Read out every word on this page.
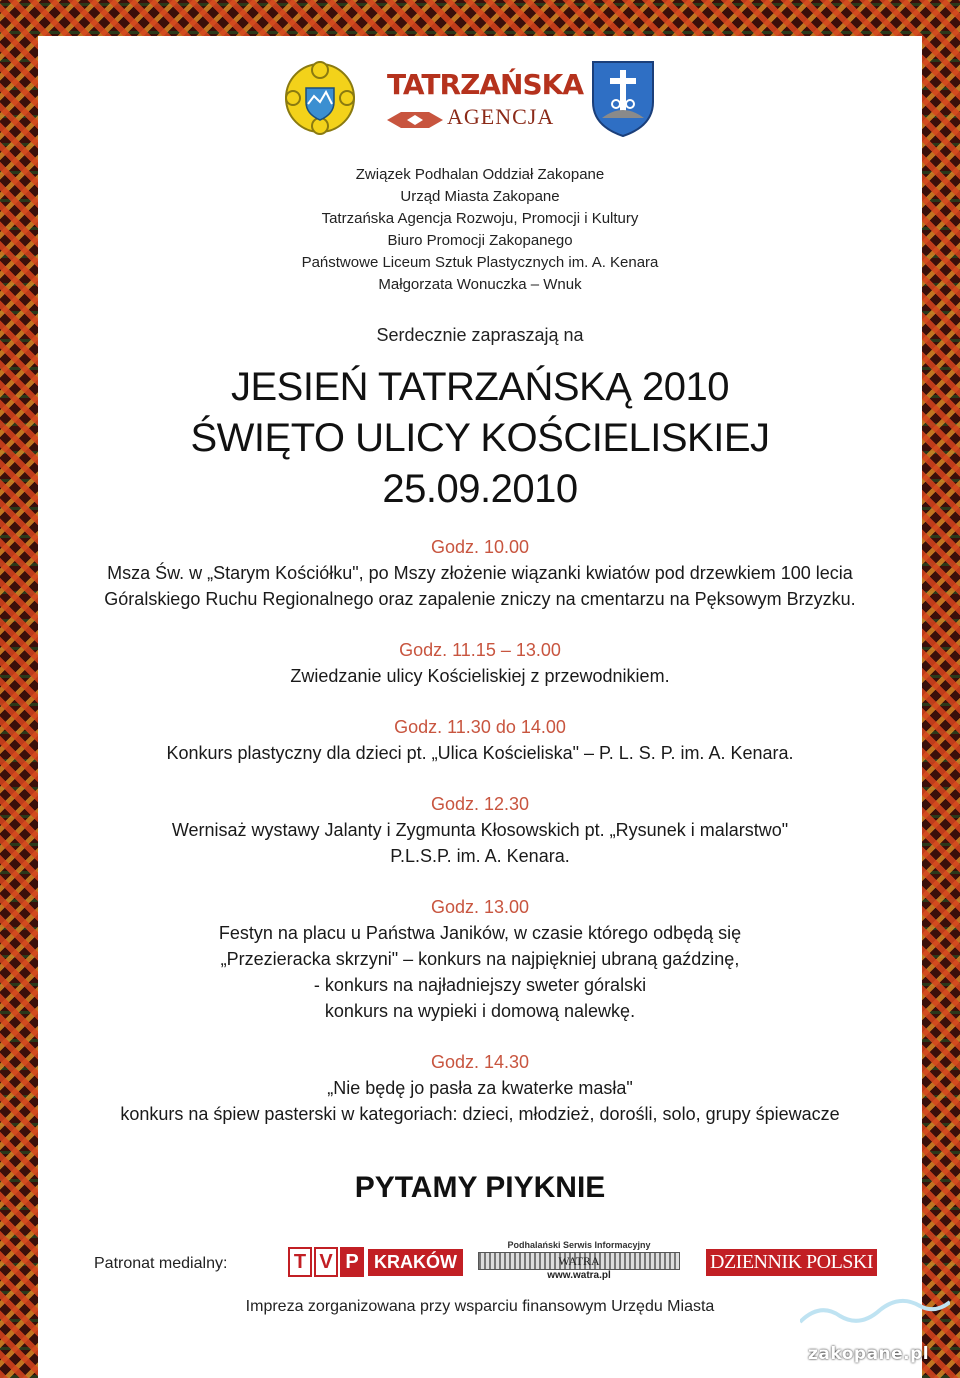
TATRZAŃSKA
AGENCJA
Związek Podhalan Oddział Zakopane
Urząd Miasta Zakopane
Tatrzańska Agencja Rozwoju, Promocji i Kultury
Biuro Promocji Zakopanego
Państwowe Liceum Sztuk Plastycznych im. A. Kenara
Małgorzata Wonuczka – Wnuk
Serdecznie zapraszają na
JESIEŃ TATRZAŃSKĄ 2010
ŚWIĘTO ULICY KOŚCIELISKIEJ
25.09.2010
Godz. 10.00
Msza Św. w „Starym Kościółku", po Mszy złożenie wiązanki kwiatów pod drzewkiem 100 lecia
Góralskiego Ruchu Regionalnego oraz zapalenie zniczy na cmentarzu na Pęksowym Brzyzku.
Godz. 11.15 – 13.00
Zwiedzanie ulicy Kościeliskiej z przewodnikiem.
Godz. 11.30 do 14.00
Konkurs plastyczny dla dzieci pt. „Ulica Kościeliska" – P. L. S. P. im. A. Kenara.
Godz. 12.30
Wernisaż wystawy Jalanty i Zygmunta Kłosowskich pt. „Rysunek i malarstwo"
P.L.S.P. im. A. Kenara.
Godz. 13.00
Festyn na placu u Państwa Janików, w czasie którego odbędą się
„Przezieracka skrzyni" – konkurs na najpiękniej ubraną gaździnę,
- konkurs na najładniejszy sweter góralski
konkurs na wypieki i domową nalewkę.
Godz. 14.30
„Nie będę jo pasła za kwaterke masła"
konkurs na śpiew pasterski w kategoriach: dzieci, młodzież, dorośli, solo, grupy śpiewacze
PYTAMY PIYKNIE
Patronat medialny:	T V P KRAKÓW
Podhalański Serwis Informacyjny
WATRA
www.watra.pl
DZIENNIK POLSKI
Impreza zorganizowana przy wsparciu finansowym Urzędu Miasta
zakopane.pl
